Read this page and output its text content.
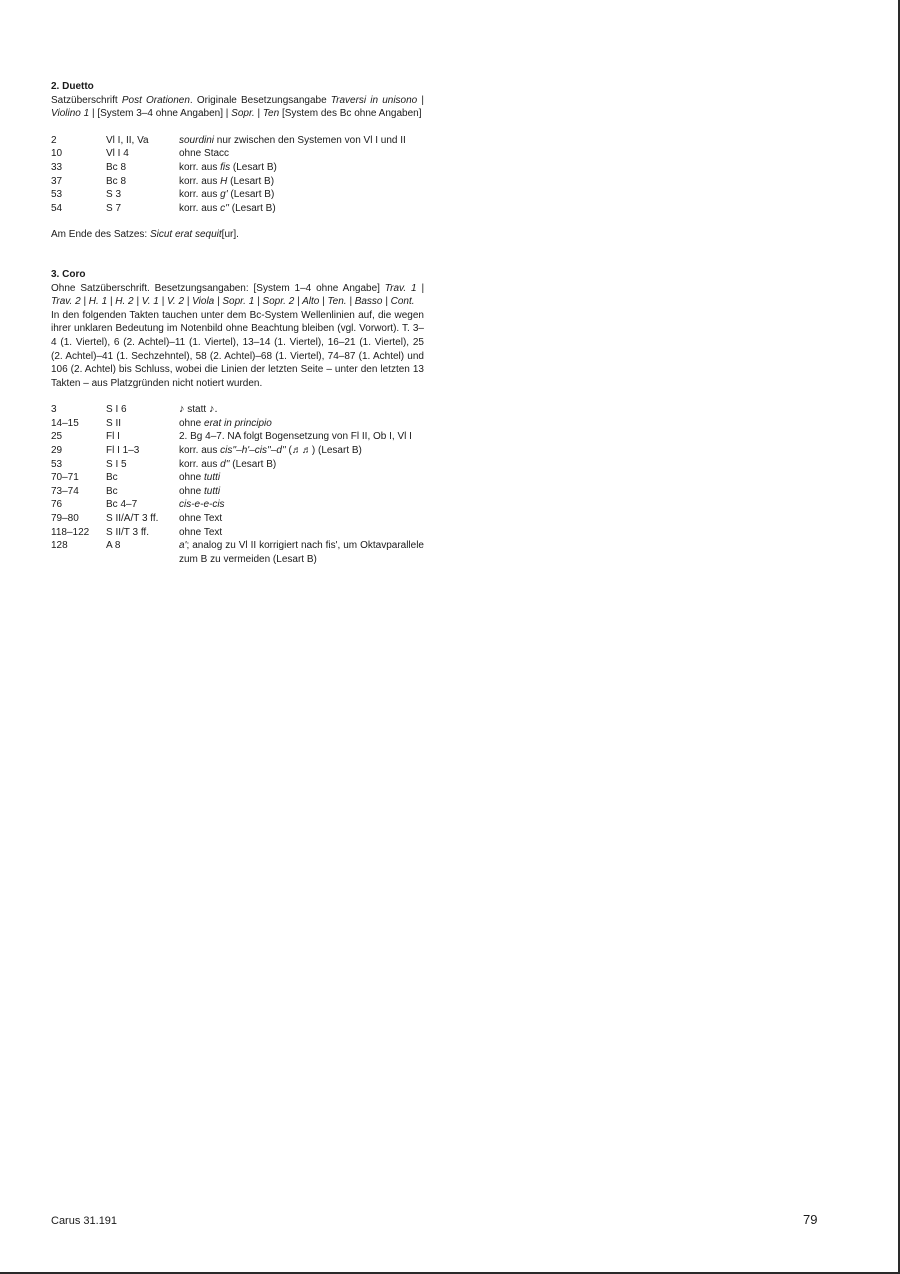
2. Duetto
Satzüberschrift Post Orationen. Originale Besetzungsangabe Traversi in unisono | Violino 1 | [System 3–4 ohne Angaben] | Sopr. | Ten [System des Bc ohne Angaben]
2	Vl I, II, Va	sourdini nur zwischen den Systemen von Vl I und II
10	Vl I 4	ohne Stacc
33	Bc 8	korr. aus fis (Lesart B)
37	Bc 8	korr. aus H (Lesart B)
53	S 3	korr. aus g' (Lesart B)
54	S 7	korr. aus c'' (Lesart B)
Am Ende des Satzes: Sicut erat sequit[ur].
3. Coro
Ohne Satzüberschrift. Besetzungsangaben: [System 1–4 ohne Angabe] Trav. 1 | Trav. 2 | H. 1 | H. 2 | V. 1 | V. 2 | Viola | Sopr. 1 | Sopr. 2 | Alto | Ten. | Basso | Cont.
In den folgenden Takten tauchen unter dem Bc-System Wellenlinien auf, die wegen ihrer unklaren Bedeutung im Notenbild ohne Beachtung bleiben (vgl. Vorwort). T. 3–4 (1. Viertel), 6 (2. Achtel)–11 (1. Viertel), 13–14 (1. Viertel), 16–21 (1. Viertel), 25 (2. Achtel)–41 (1. Sechzehntel), 58 (2. Achtel)–68 (1. Viertel), 74–87 (1. Achtel) und 106 (2. Achtel) bis Schluss, wobei die Linien der letzten Seite – unter den letzten 13 Takten – aus Platzgründen nicht notiert wurden.
3	S I 6	♪ statt ♪.
14–15	S II	ohne erat in principio
25	Fl I	2. Bg 4–7. NA folgt Bogensetzung von Fl II, Ob I, Vl I
29	Fl I 1–3	korr. aus cis''–h'–cis''–d'' (♬♬) (Lesart B)
53	S I 5	korr. aus d'' (Lesart B)
70–71	Bc	ohne tutti
73–74	Bc	ohne tutti
76	Bc 4–7	cis-e-e-cis
79–80	S II/A/T 3 ff.	ohne Text
118–122	S II/T 3 ff.	ohne Text
128	A 8	a'; analog zu Vl II korrigiert nach fis', um Oktavparallele zum B zu vermeiden (Lesart B)
Carus 31.191	79
